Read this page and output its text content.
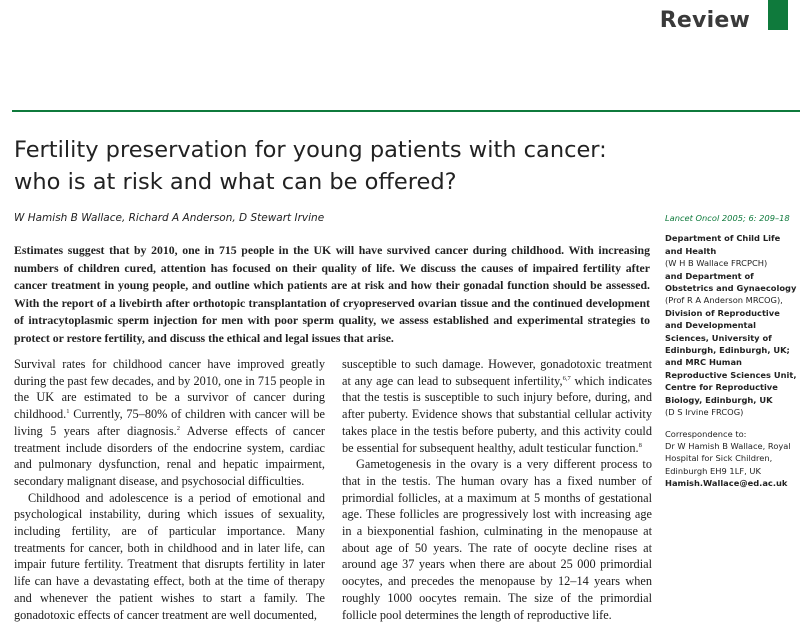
Review
Fertility preservation for young patients with cancer: who is at risk and what can be offered?
W Hamish B Wallace, Richard A Anderson, D Stewart Irvine

Estimates suggest that by 2010, one in 715 people in the UK will have survived cancer during childhood. With increasing numbers of children cured, attention has focused on their quality of life. We discuss the causes of impaired fertility after cancer treatment in young people, and outline which patients are at risk and how their gonadal function should be assessed. With the report of a livebirth after orthotopic transplantation of cryopreserved ovarian tissue and the continued development of intracytoplasmic sperm injection for men with poor sperm quality, we assess established and experimental strategies to protect or restore fertility, and discuss the ethical and legal issues that arise.

Survival rates for childhood cancer have improved greatly during the past few decades, and by 2010, one in 715 people in the UK are estimated to be a survivor of cancer during childhood.$^1$ Currently, 75–80% of children with cancer will be living 5 years after diagnosis.$^2$ Adverse effects of cancer treatment include disorders of the endocrine system, cardiac and pulmonary dysfunction, renal and hepatic impairment, secondary malignant disease, and psychosocial difficulties.

Childhood and adolescence is a period of emotional and psychological instability, during which issues of sexuality, including fertility, are of particular importance. Many treatments for cancer, both in childhood and in later life, can impair future fertility. Treatment that disrupts fertility in later life can have a devastating effect, both at the time of therapy and whenever the patient wishes to start a family. The gonadotoxic effects of cancer treatment are well documented,

susceptible to such damage. However, gonadotoxic treatment at any age can lead to subsequent infertility,$^{6,7}$ which indicates that the testis is susceptible to such injury before, during, and after puberty. Evidence shows that substantial cellular activity takes place in the testis before puberty, and this activity could be essential for subsequent healthy, adult testicular function.$^8$

Gametogenesis in the ovary is a very different process to that in the testis. The human ovary has a fixed number of primordial follicles, at a maximum at 5 months of gestational age. These follicles are progressively lost with increasing age in a biexponential fashion, culminating in the menopause at about age of 50 years. The rate of oocyte decline rises at around age 37 years when there are about 25 000 primordial oocytes, and precedes the menopause by 12–14 years when roughly 1000 oocytes remain. The size of the primordial follicle pool determines the length of reproductive life.

Lancet Oncol 2005; 6: 209–18

Department of Child Life and Health
(W H B Wallace FRCPCH)
and Department of Obstetrics and Gynaecology
(Prof R A Anderson MRCOG),
Division of Reproductive and Developmental Sciences, University of Edinburgh, Edinburgh, UK; and MRC Human Reproductive Sciences Unit, Centre for Reproductive Biology, Edinburgh, UK
(D S Irvine FRCOG)

Correspondence to:
Dr W Hamish B Wallace, Royal Hospital for Sick Children, Edinburgh EH9 1LF, UK
Hamish.Wallace@ed.ac.uk
